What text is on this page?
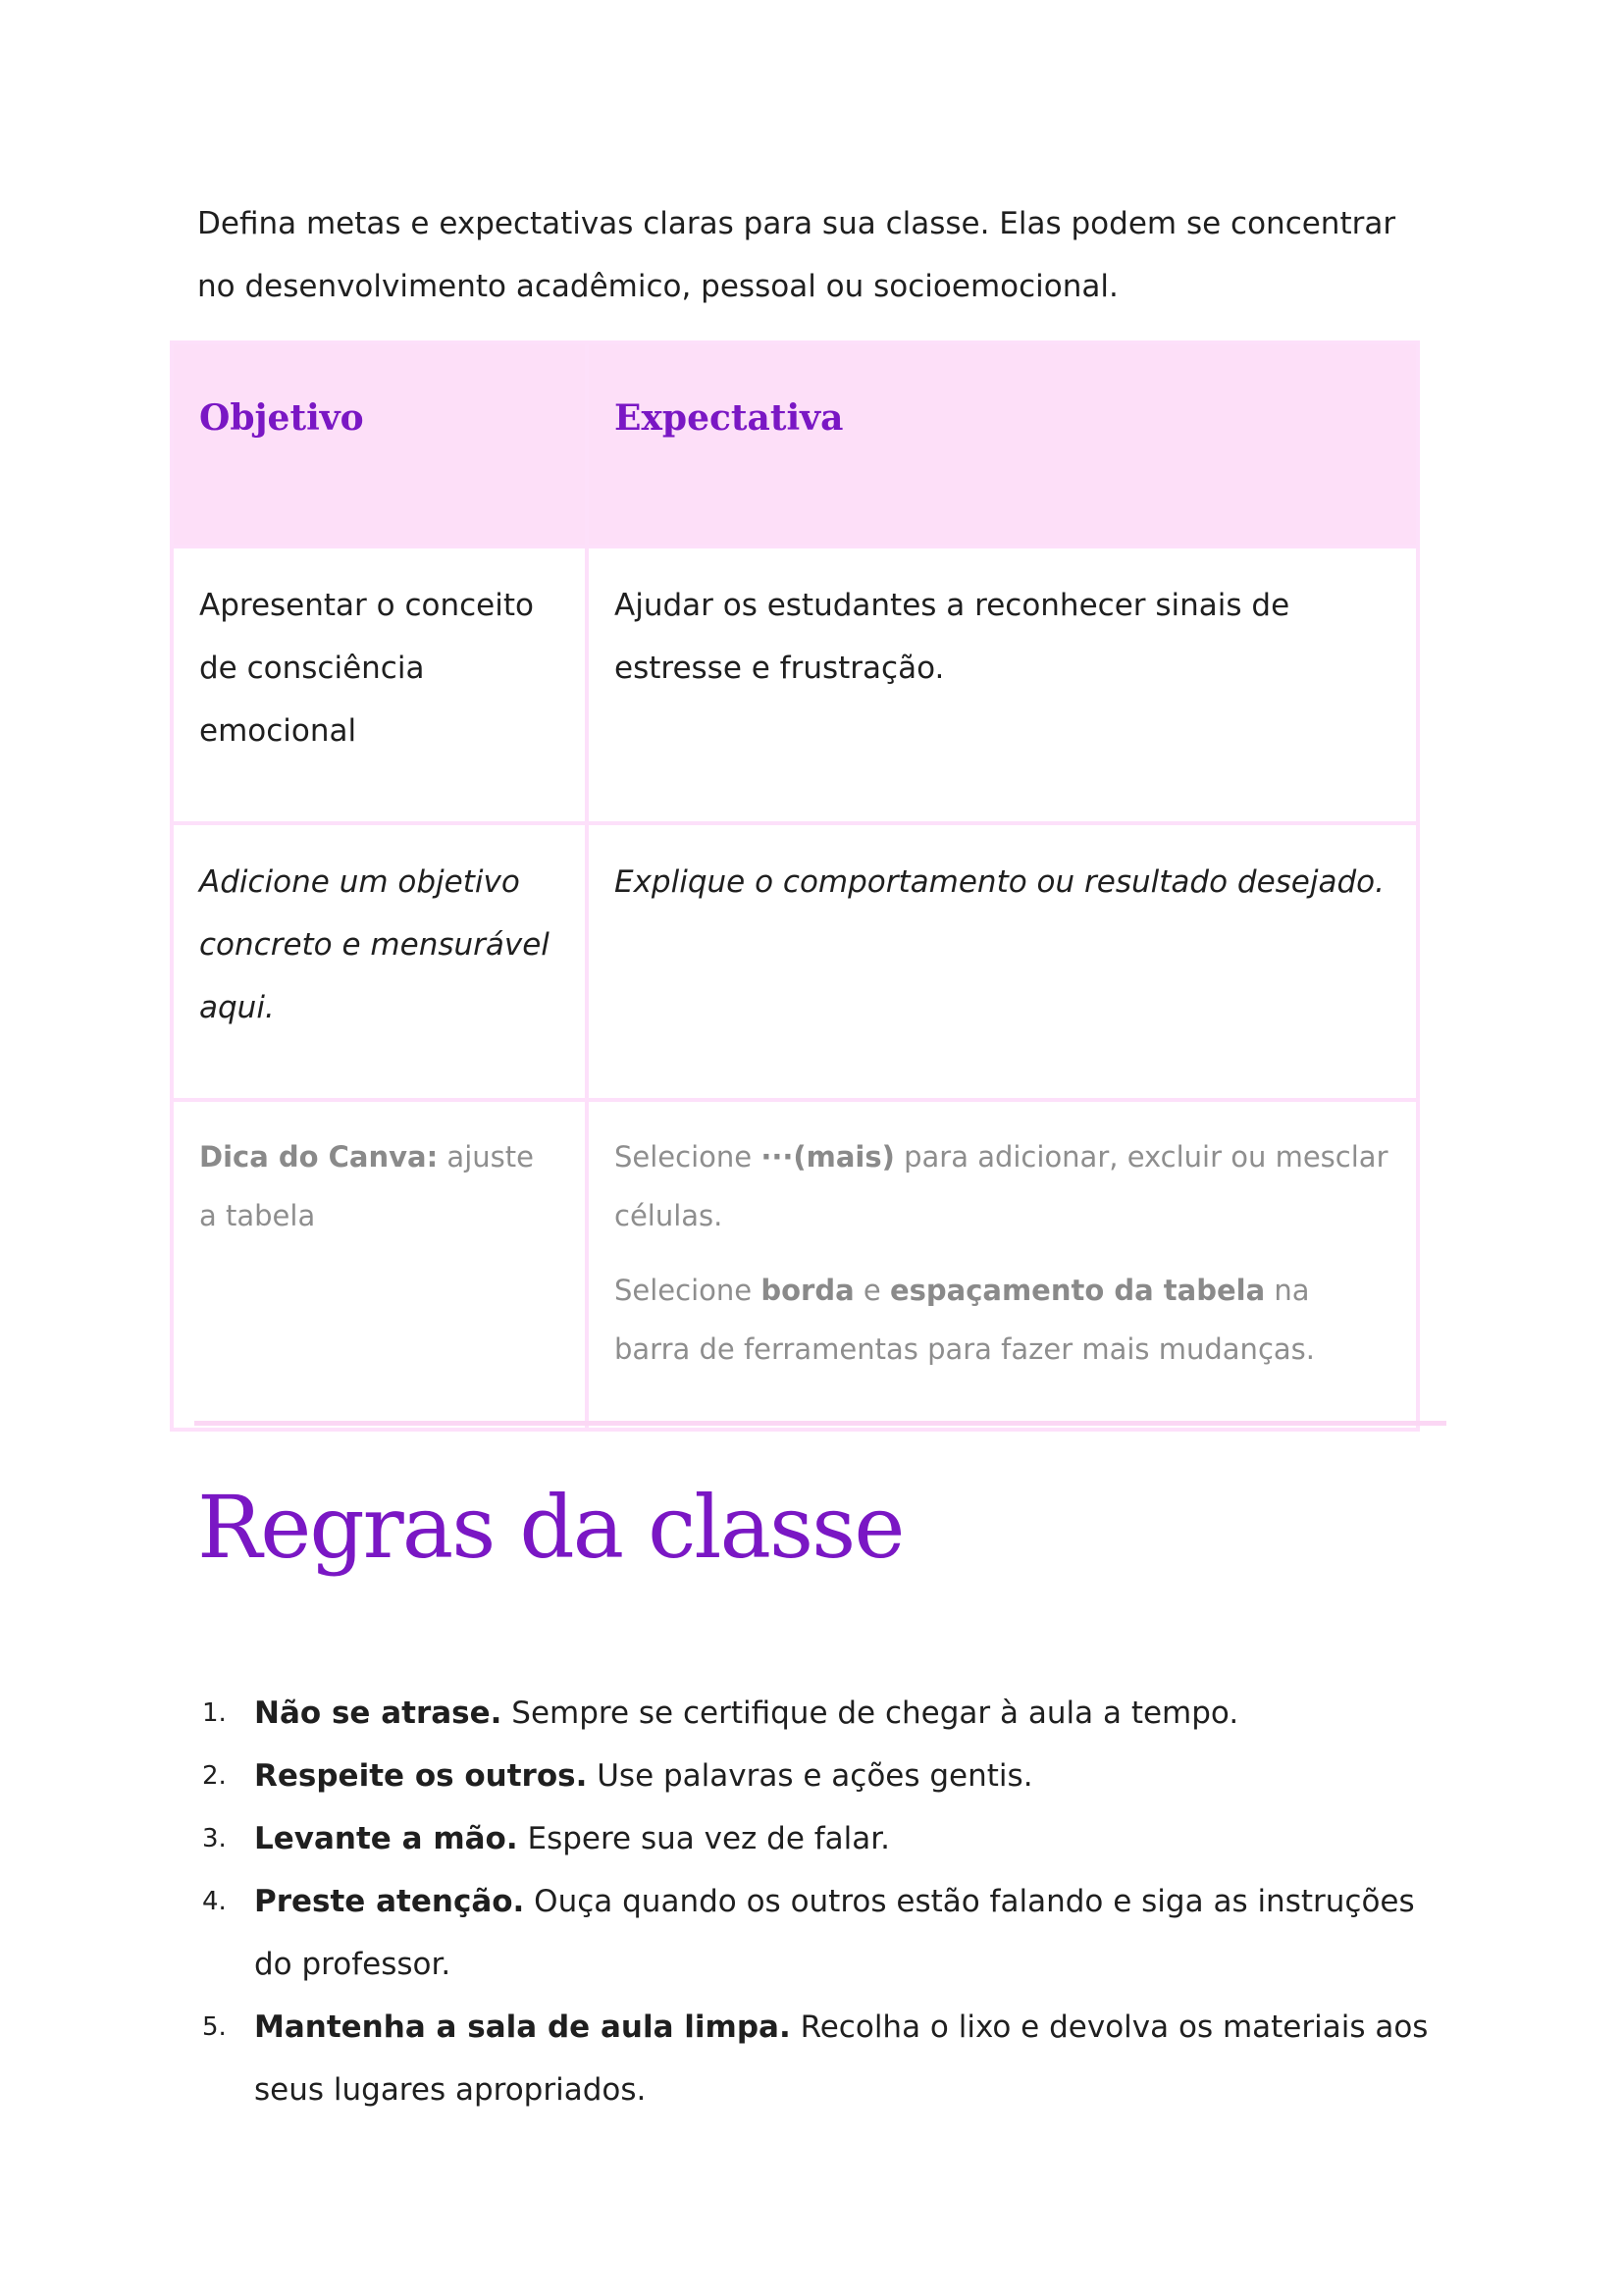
Defina metas e expectativas claras para sua classe. Elas podem se concentrar no desenvolvimento acadêmico, pessoal ou socioemocional.

Objetivo	Expectativa
Apresentar o conceito de consciência emocional	Ajudar os estudantes a reconhecer sinais de estresse e frustração.
Adicione um objetivo concreto e mensurável aqui.	Explique o comportamento ou resultado desejado.
Dica do Canva: ajuste a tabela	Selecione ···(mais) para adicionar, excluir ou mesclar células.

Selecione borda e espaçamento da tabela na barra de ferramentas para fazer mais mudanças.

Regras da classe
1. Não se atrase. Sempre se certifique de chegar à aula a tempo.
2. Respeite os outros. Use palavras e ações gentis.
3. Levante a mão. Espere sua vez de falar.
4. Preste atenção. Ouça quando os outros estão falando e siga as instruções do professor.
5. Mantenha a sala de aula limpa. Recolha o lixo e devolva os materiais aos seus lugares apropriados.
